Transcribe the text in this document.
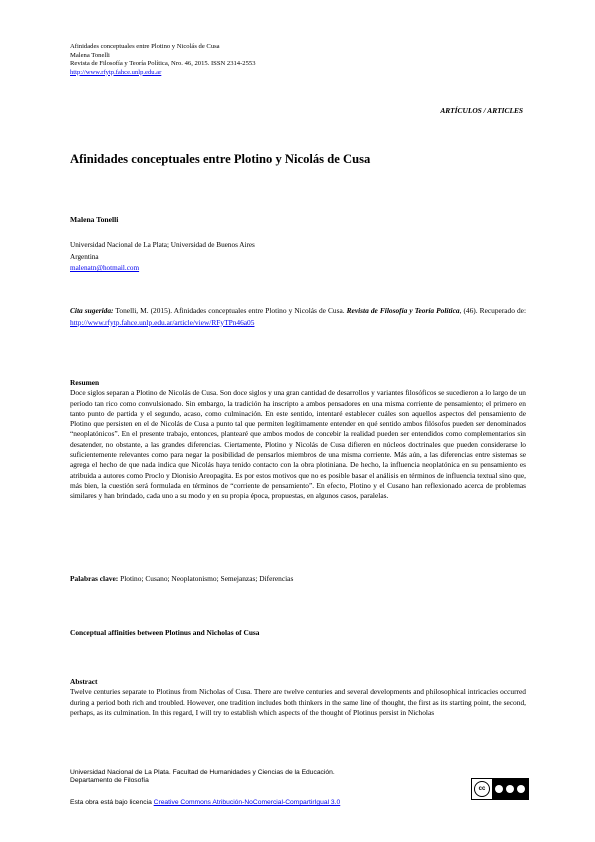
Afinidades conceptuales entre Plotino y Nicolás de Cusa
Malena Tonelli
Revista de Filosofía y Teoría Política, Nro. 46, 2015. ISSN 2314-2553
http://www.rfytp.fahce.unlp.edu.ar
ARTÍCULOS / ARTICLES
Afinidades conceptuales entre Plotino y Nicolás de Cusa
Malena Tonelli
Universidad Nacional de La Plata; Universidad de Buenos Aires
Argentina
malenatn@hotmail.com
Cita sugerida: Tonelli, M. (2015). Afinidades conceptuales entre Plotino y Nicolás de Cusa. Revista de Filosofía y Teoría Política, (46). Recuperado de: http://www.rfytp.fahce.unlp.edu.ar/article/view/RFyTPn46a05
Resumen
Doce siglos separan a Plotino de Nicolás de Cusa. Son doce siglos y una gran cantidad de desarrollos y variantes filosóficos se sucedieron a lo largo de un período tan rico como convulsionado. Sin embargo, la tradición ha inscripto a ambos pensadores en una misma corriente de pensamiento; el primero en tanto punto de partida y el segundo, acaso, como culminación. En este sentido, intentaré establecer cuáles son aquellos aspectos del pensamiento de Plotino que persisten en el de Nicolás de Cusa a punto tal que permiten legítimamente entender en qué sentido ambos filósofos pueden ser denominados “neoplatónicos”. En el presente trabajo, entonces, plantearé que ambos modos de concebir la realidad pueden ser entendidos como complementarios sin desatender, no obstante, a las grandes diferencias. Ciertamente, Plotino y Nicolás de Cusa difieren en núcleos doctrinales que pueden considerarse lo suficientemente relevantes como para negar la posibilidad de pensarlos miembros de una misma corriente. Más aún, a las diferencias entre sistemas se agrega el hecho de que nada indica que Nicolás haya tenido contacto con la obra plotiniana. De hecho, la influencia neoplatónica en su pensamiento es atribuida a autores como Proclo y Dionisio Areopagita. Es por estos motivos que no es posible basar el análisis en términos de influencia textual sino que, más bien, la cuestión será formulada en términos de “corriente de pensamiento”. En efecto, Plotino y el Cusano han reflexionado acerca de problemas similares y han brindado, cada uno a su modo y en su propia época, propuestas, en algunos casos, paralelas.
Palabras clave: Plotino; Cusano; Neoplatonismo; Semejanzas; Diferencias
Conceptual affinities between Plotinus and Nicholas of Cusa
Abstract
Twelve centuries separate to Plotinus from Nicholas of Cusa. There are twelve centuries and several developments and philosophical intricacies occurred during a period both rich and troubled. However, one tradition includes both thinkers in the same line of thought, the first as its starting point, the second, perhaps, as its culmination. In this regard, I will try to establish which aspects of the thought of Plotinus persist in Nicholas
Universidad Nacional de La Plata. Facultad de Humanidades y Ciencias de la Educación.
Departamento de Filosofía
Esta obra está bajo licencia Creative Commons Atribución-NoComercial-CompartirIgual 3.0
cc
